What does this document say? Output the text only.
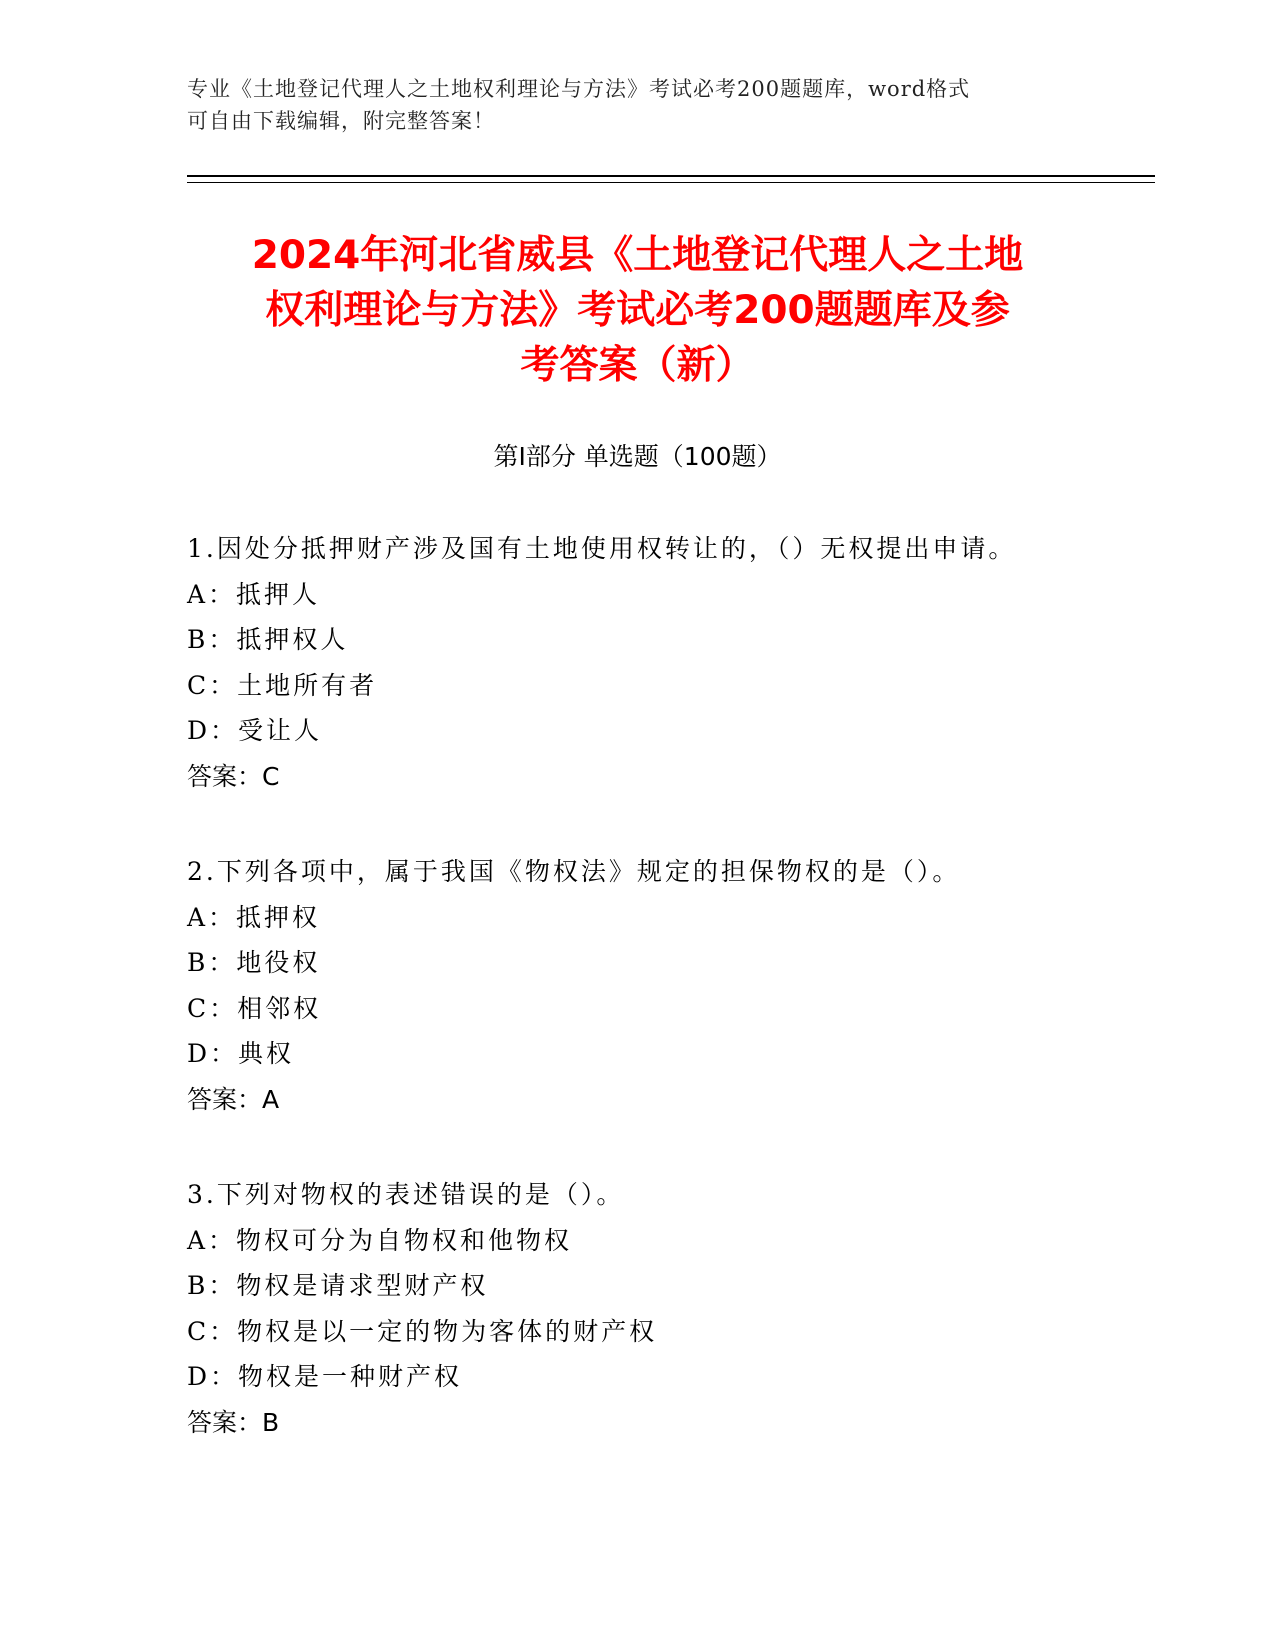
专业《土地登记代理人之土地权利理论与方法》考试必考200题题库，word格式
可自由下载编辑，附完整答案！
2024年河北省威县《土地登记代理人之土地
权利理论与方法》考试必考200题题库及参
考答案（新）
第Ⅰ部分 单选题（100题）
1.因处分抵押财产涉及国有土地使用权转让的，（）无权提出申请。
A：抵押人
B：抵押权人
C：土地所有者
D：受让人
答案：C
2.下列各项中，属于我国《物权法》规定的担保物权的是（）。
A：抵押权
B：地役权
C：相邻权
D：典权
答案：A
3.下列对物权的表述错误的是（）。
A：物权可分为自物权和他物权
B：物权是请求型财产权
C：物权是以一定的物为客体的财产权
D：物权是一种财产权
答案：B
